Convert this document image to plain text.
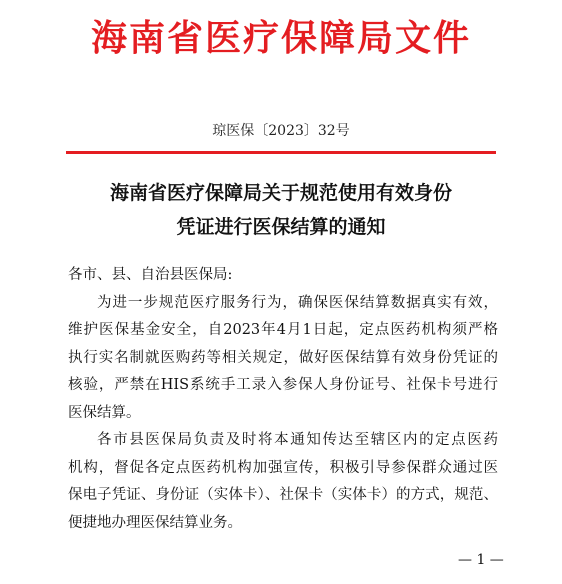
海南省医疗保障局文件
琼医保〔2023〕32号
海南省医疗保障局关于规范使用有效身份
凭证进行医保结算的通知
各市、县、自治县医保局:
为进一步规范医疗服务行为，确保医保结算数据真实有效，
维护医保基金安全，自2023年4月1日起，定点医药机构须严格
执行实名制就医购药等相关规定，做好医保结算有效身份凭证的
核验，严禁在HIS系统手工录入参保人身份证号、社保卡号进行
医保结算。
各市县医保局负责及时将本通知传达至辖区内的定点医药
机构，督促各定点医药机构加强宣传，积极引导参保群众通过医
保电子凭证、身份证（实体卡）、社保卡（实体卡）的方式，规范、
便捷地办理医保结算业务。
— 1 —
